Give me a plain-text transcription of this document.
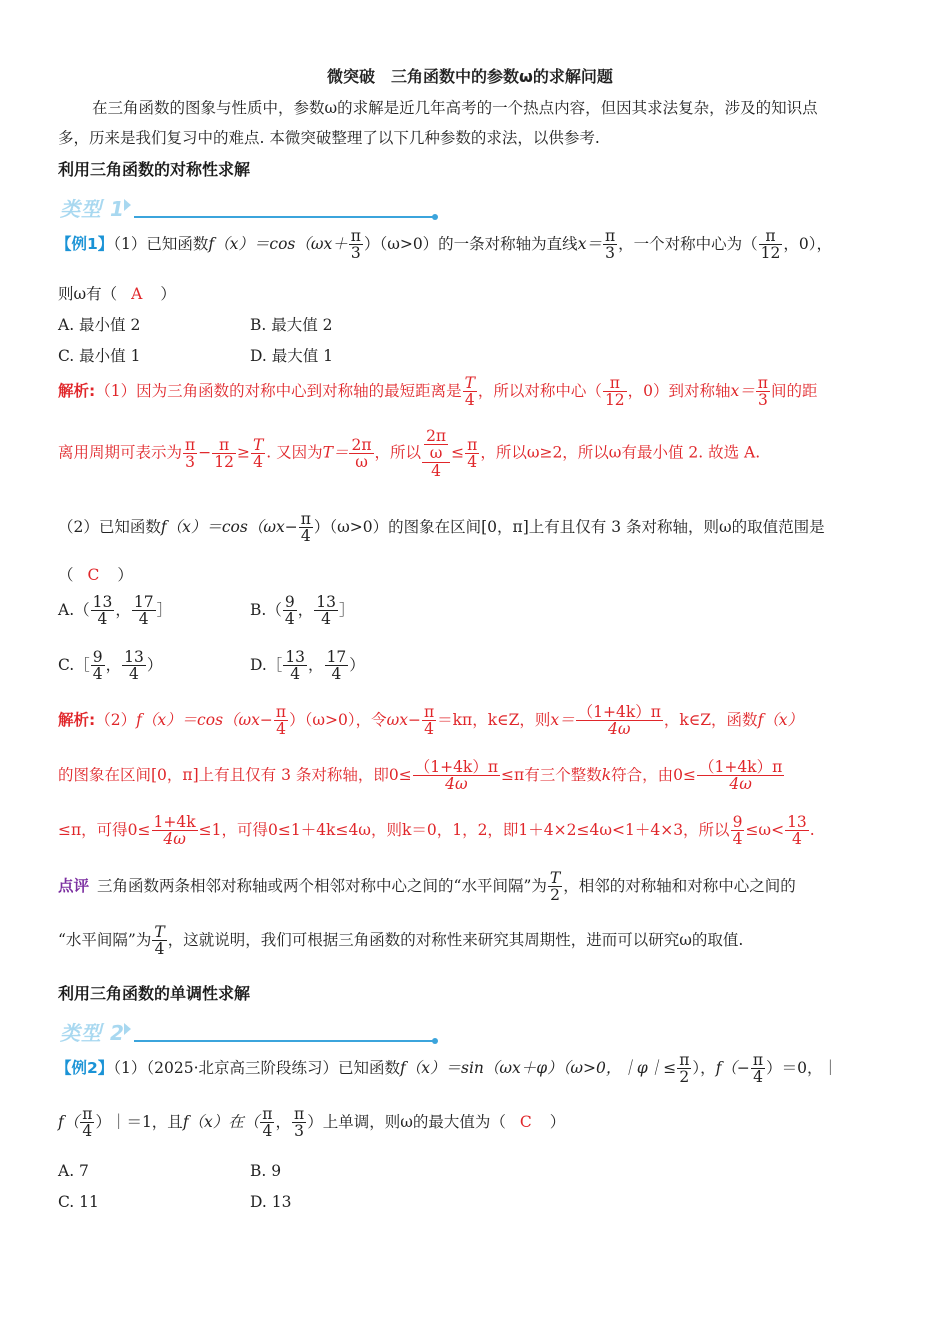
微突破　三角函数中的参数ω的求解问题
在三角函数的图象与性质中，参数ω的求解是近几年高考的一个热点内容，但因其求法复杂，涉及的知识点
多，历来是我们复习中的难点. 本微突破整理了以下几种参数的求法，以供参考.
利用三角函数的对称性求解
类型 1
【例1】（1）已知函数$f(x)=\cos(\omega x+ \frac{\pi}{3} )(\omega>0)$的一条对称轴为直线$x= \frac{\pi}{3}$ ，一个对称中心为（ $\frac{\pi}{12}$ ，0），
则ω有（ A ）
A. 最小值 2	B. 最大值 2
C. 最小值 1	D. 最大值 1
解析:（1）因为三角函数的对称中心到对称轴的最短距离是 $\frac{T}{4}$ ，所以对称中心（ $\frac{\pi}{12}$ ，0）到对称轴$x= \frac{\pi}{3}$ 间的距
离用周期可表示为 $\frac{\pi}{3} - \frac{\pi}{12} \ge \frac{T}{4}$ . 又因为$T= \frac{2\pi}{\omega}$ ，所以 $\frac{\frac{2\pi}{\omega}}{4} \le \frac{\pi}{4}$ ，所以ω≥2，所以ω有最小值 2. 故选 A.
（2）已知函数$f(x)=\cos(\omega x- \frac{\pi}{4} )(\omega>0)$的图象在区间[0，π]上有且仅有 3 条对称轴，则ω的取值范围是
（ C ）
$A.( \frac{13}{4}$ ， $\frac{17}{4}$ ］	$B.( \frac{9}{4}$ ， $\frac{13}{4}$ ］
C.［ $\frac{9}{4}$ ， $\frac{13}{4}$ ）	D.［ $\frac{13}{4}$ ， $\frac{17}{4}$ ）
解析:（2）f（x）＝cos（ωx− $\frac{\pi}{4} )(\omega>0)$，令$\omega x- \frac{\pi}{4} =k\pi$，k∈Z，则$x= \frac{(1+4k)\pi}{4\omega}$ ，k∈Z，函数f（x）
的图象在区间[0，π]上有且仅有 3 条对称轴，即$0\le \frac{(1+4k)\pi}{4\omega} \le\pi$有三个整数k符合，由$0\le \frac{(1+4k)\pi}{4\omega}$
≤π，可得$0\le \frac{1+4k}{4\omega} \le 1$，可得0≤1＋4k≤4ω，则k＝0，1，2，即1＋4×2≤4ω<1＋4×3，所以 $\frac{9}{4} \le\omega< \frac{13}{4}$ .
点评 三角函数两条相邻对称轴或两个相邻对称中心之间的“水平间隔”为 $\frac{T}{2}$ ，相邻的对称轴和对称中心之间的
“水平间隔”为 $\frac{T}{4}$ ，这就说明，我们可根据三角函数的对称性来研究其周期性，进而可以研究ω的取值.
利用三角函数的单调性求解
类型 2
【例2】（1）（2025·北京高三阶段练习）已知函数f（x）＝sin（ωx＋φ）（ω>0，｜φ｜≤ $\frac{\pi}{2}$ ），$f(- \frac{\pi}{4} )=0$，｜
$f( \frac{\pi}{4}$ ）｜＝1，且f（x）在（ $\frac{\pi}{4}$ ， $\frac{\pi}{3}$ ）上单调，则ω的最大值为（ C ）
A. 7	B. 9
C. 11	D. 13
